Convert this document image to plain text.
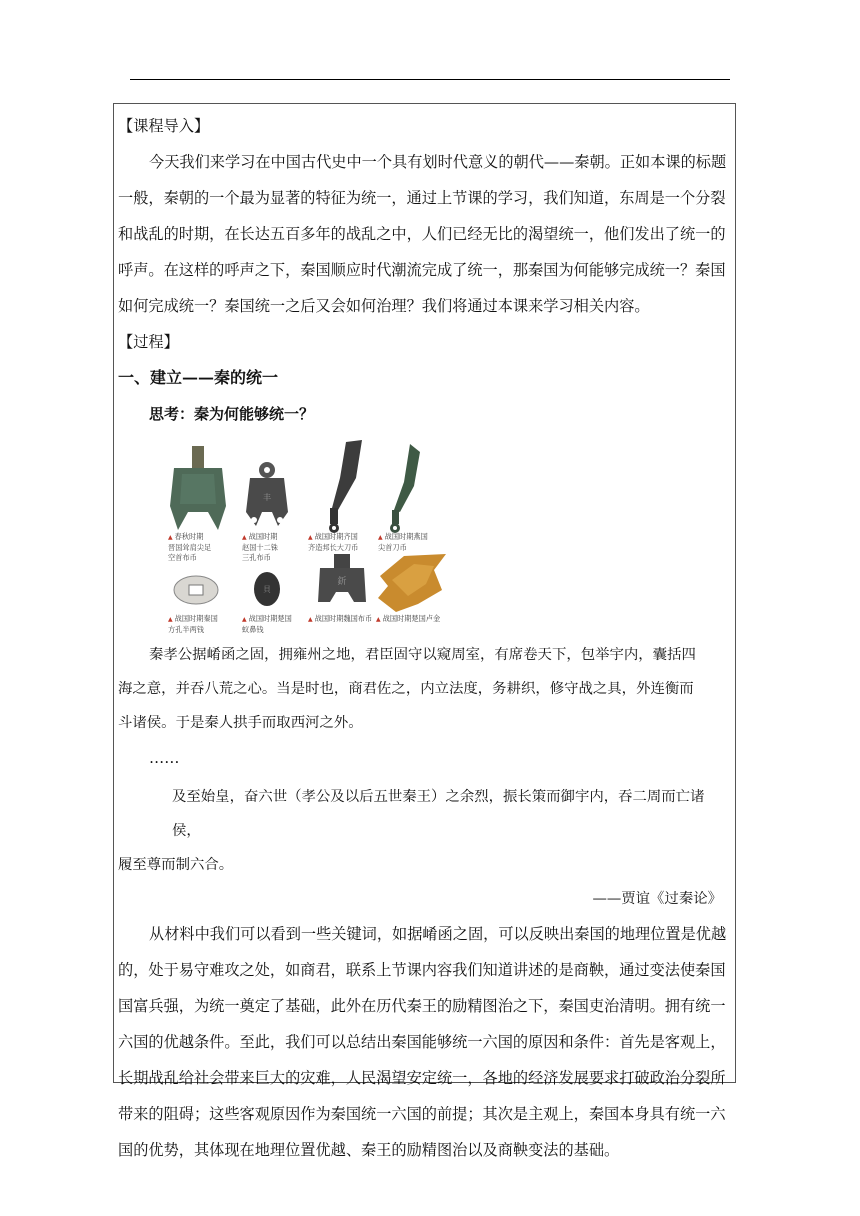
【课程导入】
今天我们来学习在中国古代史中一个具有划时代意义的朝代——秦朝。正如本课的标题
一般，秦朝的一个最为显著的特征为统一，通过上节课的学习，我们知道，东周是一个分裂
和战乱的时期，在长达五百多年的战乱之中，人们已经无比的渴望统一，他们发出了统一的
呼声。在这样的呼声之下，秦国顺应时代潮流完成了统一，那秦国为何能够完成统一？秦国
如何完成统一？秦国统一之后又会如何治理？我们将通过本课来学习相关内容。
【过程】
一、建立——秦的统一
思考：秦为何能够统一？
丰
▲ 春秋时期
晋国耸肩尖足
空首布币
▲ 战国时期
赵国十二铢
三孔布币
▲ 战国时期齐国
齐造邦长大刀币
▲ 战国时期燕国
尖首刀币
貝
釿
▲ 战国时期秦国
方孔半两钱
▲ 战国时期楚国
蚁鼻钱
▲ 战国时期魏国布币 ▲ 战国时期楚国卢金
秦孝公据崤函之固，拥雍州之地，君臣固守以窥周室，有席卷天下，包举宇内，囊括四
海之意，并吞八荒之心。当是时也，商君佐之，内立法度，务耕织，修守战之具，外连衡而
斗诸侯。于是秦人拱手而取西河之外。
……
及至始皇，奋六世（孝公及以后五世秦王）之余烈，振长策而御宇内，吞二周而亡诸侯，
履至尊而制六合。
——贾谊《过秦论》
从材料中我们可以看到一些关键词，如据崤函之固，可以反映出秦国的地理位置是优越
的，处于易守难攻之处，如商君，联系上节课内容我们知道讲述的是商鞅，通过变法使秦国
国富兵强，为统一奠定了基础，此外在历代秦王的励精图治之下，秦国吏治清明。拥有统一
六国的优越条件。至此，我们可以总结出秦国能够统一六国的原因和条件：首先是客观上，
长期战乱给社会带来巨大的灾难，人民渴望安定统一，各地的经济发展要求打破政治分裂所
带来的阻碍；这些客观原因作为秦国统一六国的前提；其次是主观上，秦国本身具有统一六
国的优势，其体现在地理位置优越、秦王的励精图治以及商鞅变法的基础。
